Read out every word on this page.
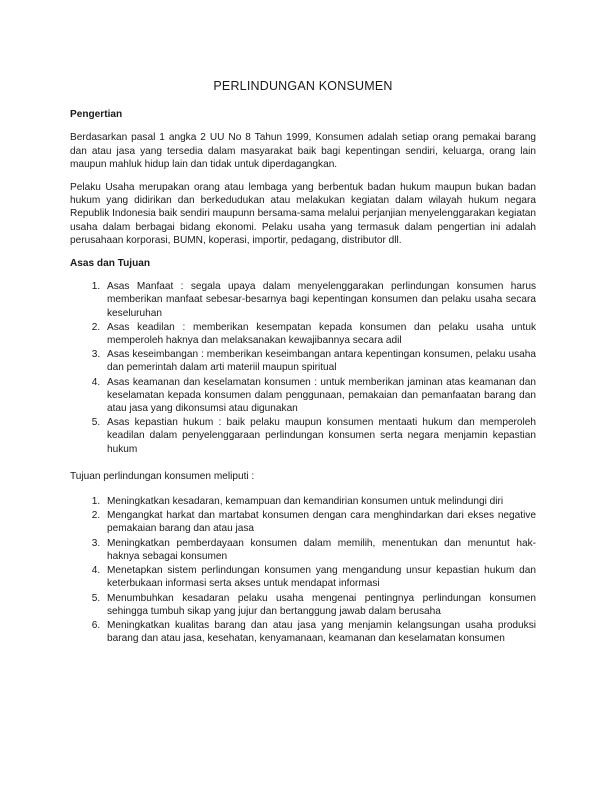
PERLINDUNGAN KONSUMEN
Pengertian

Berdasarkan pasal 1 angka 2 UU No 8 Tahun 1999, Konsumen adalah setiap orang pemakai barang dan atau jasa yang tersedia dalam masyarakat baik bagi kepentingan sendiri, keluarga, orang lain maupun mahluk hidup lain dan tidak untuk diperdagangkan.

Pelaku Usaha merupakan orang atau lembaga yang berbentuk badan hukum maupun bukan badan hukum yang didirikan dan berkedudukan atau melakukan kegiatan dalam wilayah hukum negara Republik Indonesia baik sendiri maupunn bersama-sama melalui perjanjian menyelenggarakan kegiatan usaha dalam berbagai bidang ekonomi. Pelaku usaha yang termasuk dalam pengertian ini adalah perusahaan korporasi, BUMN, koperasi, importir, pedagang, distributor dll.

Asas dan Tujuan
1. Asas Manfaat : segala upaya dalam menyelenggarakan perlindungan konsumen harus memberikan manfaat sebesar-besarnya bagi kepentingan konsumen dan pelaku usaha secara keseluruhan
2. Asas keadilan : memberikan kesempatan kepada konsumen dan pelaku usaha untuk memperoleh haknya dan melaksanakan kewajibannya secara adil
3. Asas keseimbangan : memberikan keseimbangan antara kepentingan konsumen, pelaku usaha dan pemerintah dalam arti materiil maupun spiritual
4. Asas keamanan dan keselamatan konsumen : untuk memberikan jaminan atas keamanan dan keselamatan kepada konsumen dalam penggunaan, pemakaian dan pemanfaatan barang dan atau jasa yang dikonsumsi atau digunakan
5. Asas kepastian hukum : baik pelaku maupun konsumen mentaati hukum dan memperoleh keadilan dalam penyelenggaraan perlindungan konsumen serta negara menjamin kepastian hukum
Tujuan perlindungan konsumen meliputi :
1. Meningkatkan kesadaran, kemampuan dan kemandirian konsumen untuk melindungi diri
2. Mengangkat harkat dan martabat konsumen dengan cara menghindarkan dari ekses negative pemakaian barang dan atau jasa
3. Meningkatkan pemberdayaan konsumen dalam memilih, menentukan dan menuntut hak-haknya sebagai konsumen
4. Menetapkan sistem perlindungan konsumen yang mengandung unsur kepastian hukum dan keterbukaan informasi serta akses untuk mendapat informasi
5. Menumbuhkan kesadaran pelaku usaha mengenai pentingnya perlindungan konsumen sehingga tumbuh sikap yang jujur dan bertanggung jawab dalam berusaha
6. Meningkatkan kualitas barang dan atau jasa yang menjamin kelangsungan usaha produksi barang dan atau jasa, kesehatan, kenyamanaan, keamanan dan keselamatan konsumen
